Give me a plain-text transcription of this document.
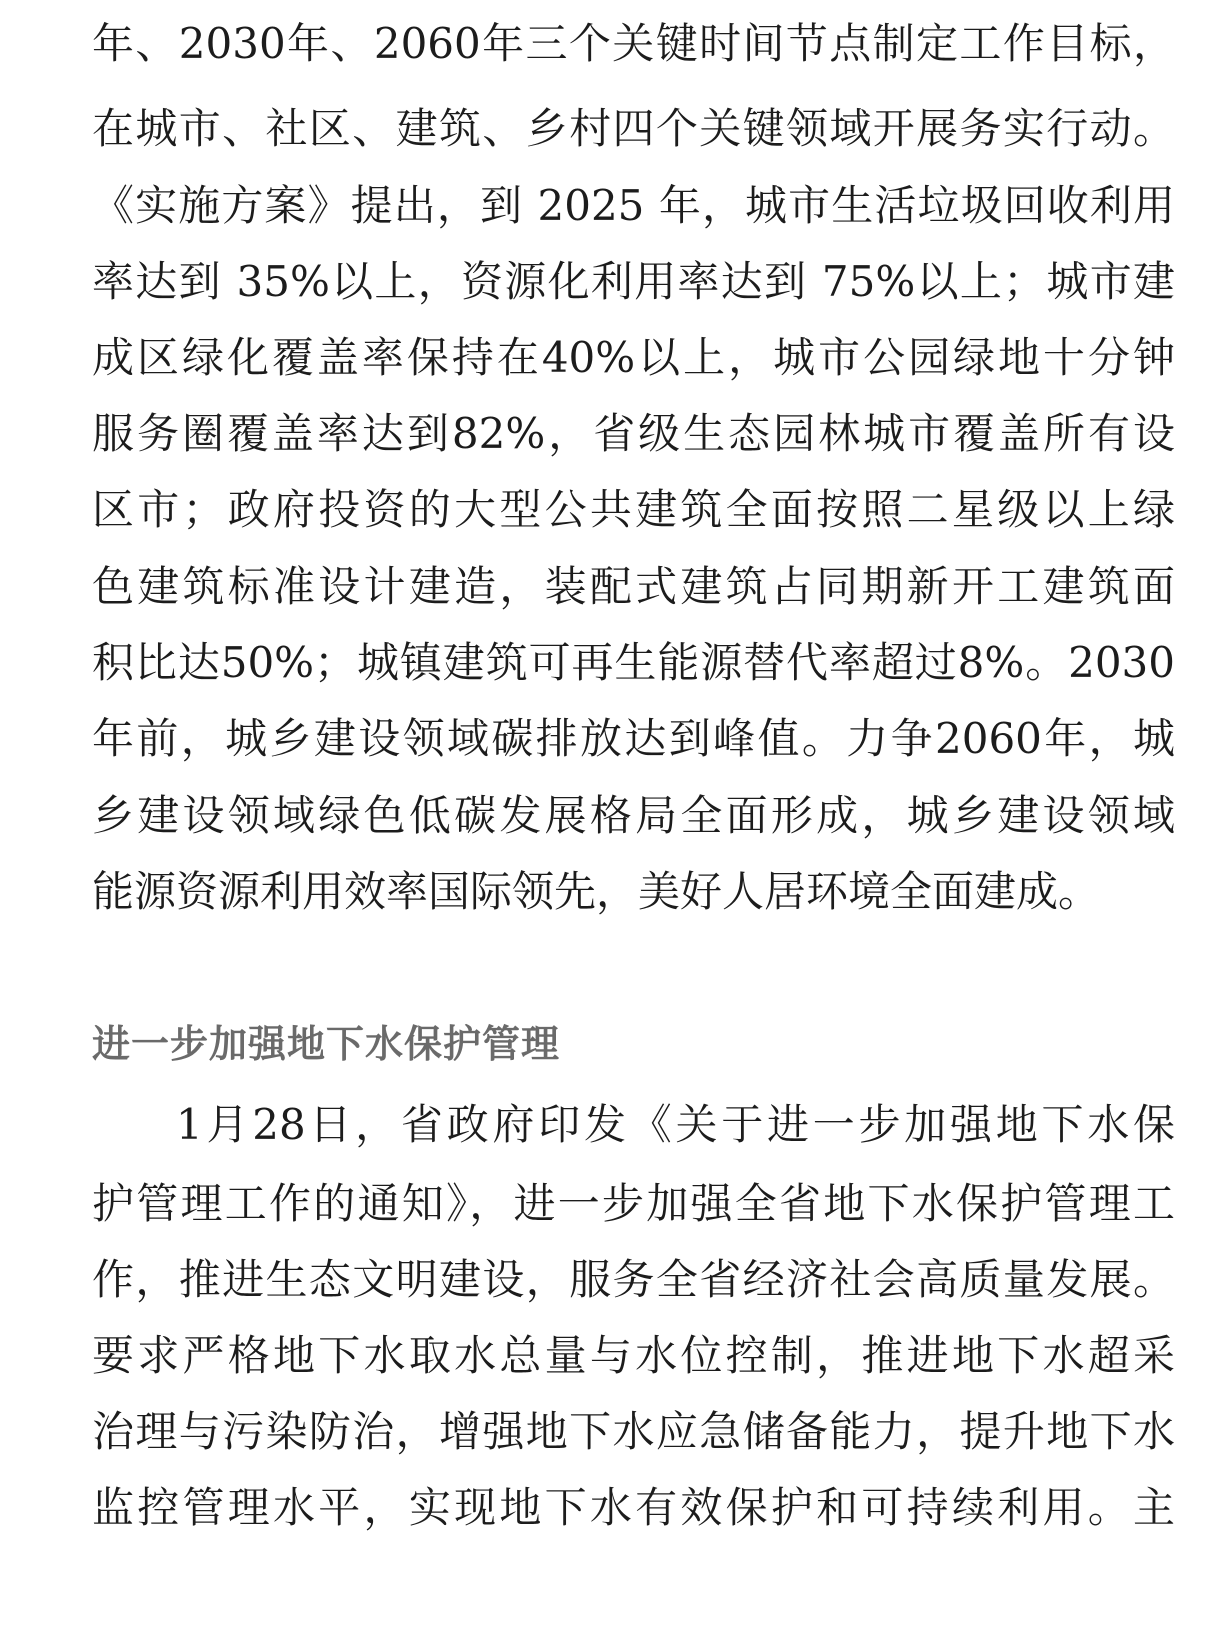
年、2030年、2060年三个关键时间节点制定工作目标，
在城市、社区、建筑、乡村四个关键领域开展务实行动。
《实施方案》提出，到 2025 年，城市生活垃圾回收利用
率达到 35%以上，资源化利用率达到 75%以上；城市建
成区绿化覆盖率保持在40%以上，城市公园绿地十分钟
服务圈覆盖率达到82%，省级生态园林城市覆盖所有设
区市；政府投资的大型公共建筑全面按照二星级以上绿
色建筑标准设计建造，装配式建筑占同期新开工建筑面
积比达50%；城镇建筑可再生能源替代率超过8%。2030
年前，城乡建设领域碳排放达到峰值。力争2060年，城
乡建设领域绿色低碳发展格局全面形成，城乡建设领域
能源资源利用效率国际领先，美好人居环境全面建成。
进一步加强地下水保护管理
1月28日，省政府印发《关于进一步加强地下水保
护管理工作的通知》，进一步加强全省地下水保护管理工
作，推进生态文明建设，服务全省经济社会高质量发展。
要求严格地下水取水总量与水位控制，推进地下水超采
治理与污染防治，增强地下水应急储备能力，提升地下水
监控管理水平，实现地下水有效保护和可持续利用。主
